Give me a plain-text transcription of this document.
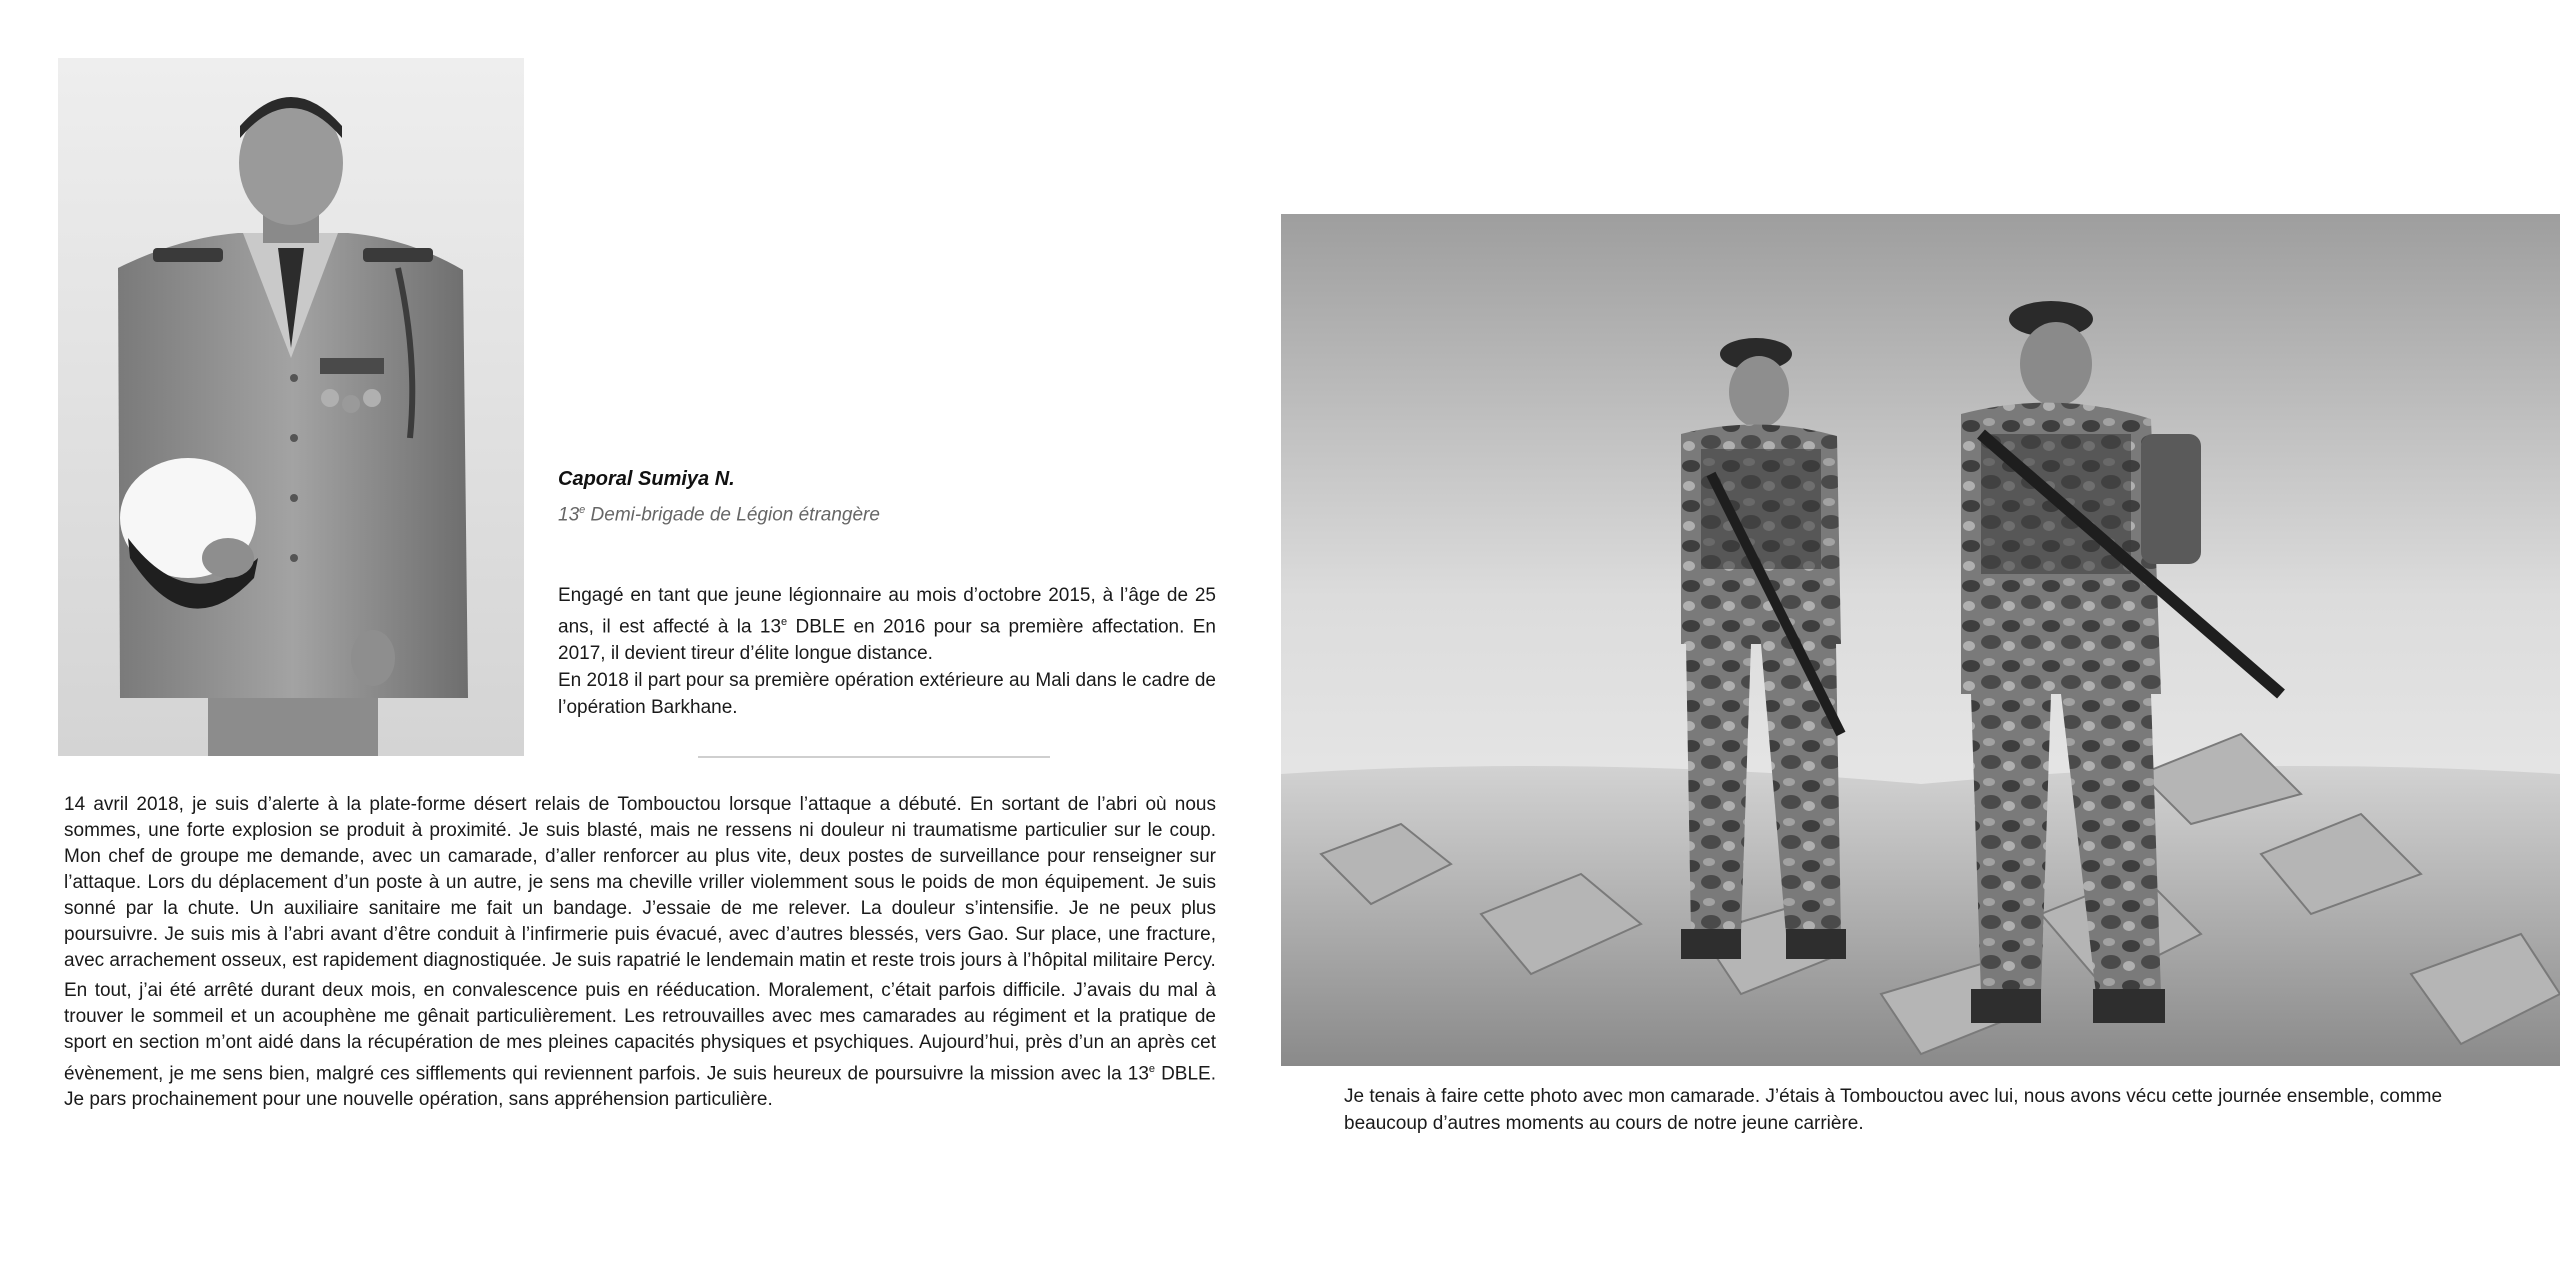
Caporal Sumiya N.

13e Demi-brigade de Légion étrangère

Engagé en tant que jeune légionnaire au mois d’octobre 2015, à l’âge de 25 ans, il est affecté à la 13e DBLE en 2016 pour sa première affectation. En 2017, il devient tireur d’élite longue distance.

En 2018 il part pour sa première opération extérieure au Mali dans le cadre de l’opération Barkhane.

14 avril 2018, je suis d’alerte à la plate-forme désert relais de Tombouctou lorsque l’attaque a débuté. En sortant de l’abri où nous sommes, une forte explosion se produit à proximité. Je suis blasté, mais ne ressens ni douleur ni traumatisme particulier sur le coup. Mon chef de groupe me demande, avec un camarade, d’aller renforcer au plus vite, deux postes de surveillance pour renseigner sur l’attaque. Lors du déplacement d’un poste à un autre, je sens ma cheville vriller violemment sous le poids de mon équipement. Je suis sonné par la chute. Un auxiliaire sanitaire me fait un bandage. J’essaie de me relever. La douleur s’intensifie. Je ne peux plus poursuivre. Je suis mis à l’abri avant d’être conduit à l’infirmerie puis évacué, avec d’autres blessés, vers Gao. Sur place, une fracture, avec arrachement osseux, est rapidement diagnostiquée. Je suis rapatrié le lendemain matin et reste trois jours à l’hôpital militaire Percy.

En tout, j’ai été arrêté durant deux mois, en convalescence puis en rééducation. Moralement, c’était parfois difficile. J’avais du mal à trouver le sommeil et un acouphène me gênait particulièrement. Les retrouvailles avec mes camarades au régiment et la pratique de sport en section m’ont aidé dans la récupération de mes pleines capacités physiques et psychiques. Aujourd’hui, près d’un an après cet évènement, je me sens bien, malgré ces sifflements qui reviennent parfois. Je suis heureux de poursuivre la mission avec la 13e DBLE. Je pars prochainement pour une nouvelle opération, sans appréhension particulière.	Je tenais à faire cette photo avec mon camarade. J’étais à Tombouctou avec lui, nous avons vécu cette journée ensemble, comme beaucoup d’autres moments au cours de notre jeune carrière.
